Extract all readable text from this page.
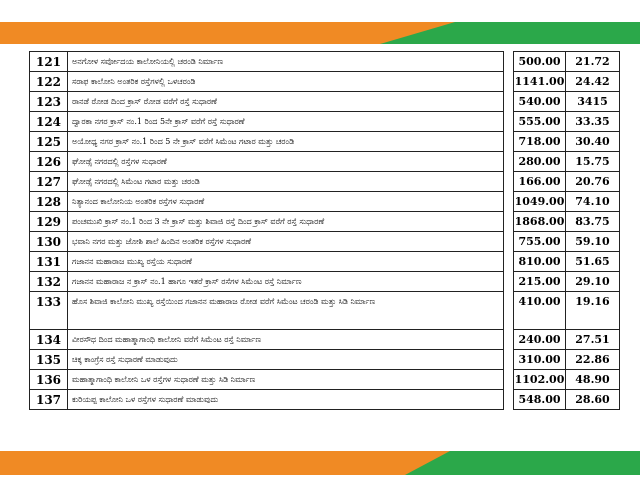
121	ಅನಗೋಳ ಸರ್ವೋದಯ ಕಾಲೋನಿಯಲ್ಲಿ ಚರಂಡಿ ನಿರ್ಮಾಣ		500.00	21.72

122	ಸರಾಫ ಕಾಲೋನಿ ಅಂತರಿಕ ರಸ್ತೆಗಳಲ್ಲಿ ಒಳಚರಂಡಿ		1141.00	24.42

123	ರಾನಡೆ ರೋಡ ದಿಂದ ಕ್ರಾಸ್ ರೋಡ ವರೆಗೆ ರಸ್ತೆ ಸುಧಾರಣೆ		540.00	3415

124	ದ್ವಾರಕಾ ನಗರ ಕ್ರಾಸ್ ನಂ.1 ರಿಂದ 5ನೇ ಕ್ರಾಸ್ ವರೆಗೆ ರಸ್ತೆ ಸುಧಾರಣೆ		555.00	33.35

125	ಅಯೋಧ್ಯ ನಗರ ಕ್ರಾಸ್ ನಂ.1 ರಿಂದ 5 ನೇ ಕ್ರಾಸ್ ವರೆಗೆ ಸಿಮೆಂಟ ಗಟಾರ ಮತ್ತು ಚರಂಡಿ		718.00	30.40

126	ಘೋಡ್ಸೆ ನಗರದಲ್ಲಿ ರಸ್ತೆಗಳ ಸುಧಾರಣೆ		280.00	15.75

127	ಘೋಡ್ಸೆ ನಗರದಲ್ಲಿ ಸಿಮೆಂಟ ಗಟಾರ ಮತ್ತು ಚರಂಡಿ		166.00	20.76

128	ನಿತ್ಯಾನಂದ ಕಾಲೋನಿಯ ಅಂತರಿಕ ರಸ್ತೆಗಳ ಸುಧಾರಣೆ		1049.00	74.10

129	ಪಂಚಮುಖಿ ಕ್ರಾಸ್ ನಂ.1 ರಿಂದ 3 ನೇ ಕ್ರಾಸ್ ಮತ್ತು ಶಿವಾಜಿ ರಸ್ತೆ ದಿಂದ ಕ್ರಾಸ್ ವರೆಗೆ ರಸ್ತೆ ಸುಧಾರಣೆ		1868.00	83.75

130	ಭವಾನಿ ನಗರ ಮತ್ತು ಜೋಶಿ ಶಾಲೆ ಹಿಂದಿನ ಅಂತರಿಕ ರಸ್ತೆಗಳ ಸುಧಾರಣೆ		755.00	59.10

131	ಗಜಾನನ ಮಹಾರಾಜ ಮುಖ್ಯ ರಸ್ತೆಯ ಸುಧಾರಣೆ		810.00	51.65

132	ಗಜಾನನ ಮಹಾರಾಜ ನ ಕ್ರಾಸ್ ನಂ.1 ಹಾಗೂ ಇತರೆ ಕ್ರಾಸ್ ರಸೆಗಳ ಸಿಮೆಂಟ ರಸ್ತೆ ನಿರ್ಮಾಣ		215.00	29.10

133	ಹೊಸ ಶಿವಾಜಿ ಕಾಲೋನಿ ಮುಖ್ಯ ರಸ್ತೆಯಿಂದ ಗಜಾನನ ಮಹಾರಾಜ ರೋಡ ವರೆಗೆ ಸಿಮೆಂಟ ಚರಂಡಿ ಮತ್ತು ಸಿಡಿ ನಿರ್ಮಾಣ		410.00	19.16

134	ವೀರಸೌಧ ದಿಂದ ಮಹಾತ್ಮಾಗಾಂಧಿ ಕಾಲೋನಿ ವರೆಗೆ ಸಿಮೆಂಟ ರಸ್ತೆ ನಿರ್ಮಾಣ		240.00	27.51

135	ಚಿಕ್ಕ ಕಾಂಗ್ರೆಸ ರಸ್ತೆ ಸುಧಾರಣೆ ಮಾಡುವುದು		310.00	22.86

136	ಮಹಾತ್ಮಾಗಾಂಧಿ ಕಾಲೋನಿ ಒಳ ರಸ್ತೆಗಳ ಸುಧಾರಣೆ ಮತ್ತು ಸಿಡಿ ನಿರ್ಮಾಣ		1102.00	48.90

137	ಕುರಿಯಪ್ಪ ಕಾಲೋನಿ ಒಳ ರಸ್ತೆಗಳ ಸುಧಾರಣೆ ಮಾಡುವುದು		548.00	28.60
